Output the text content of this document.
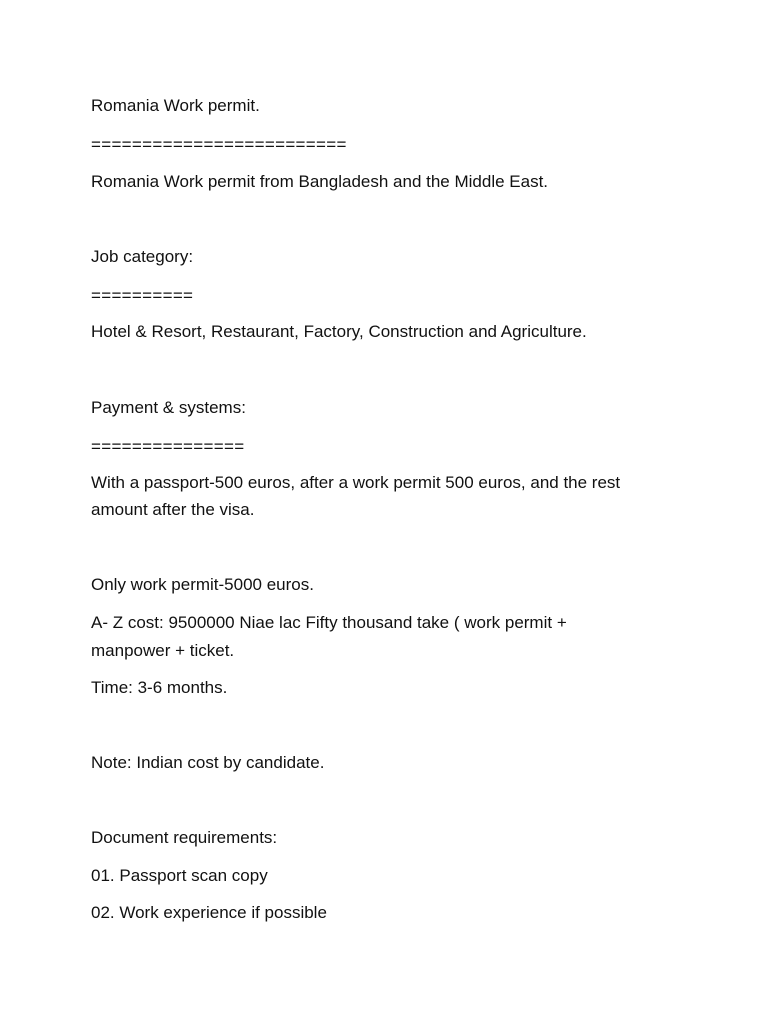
Romania Work permit.

=========================

Romania Work permit from Bangladesh and the Middle East.

Job category:

==========

Hotel & Resort, Restaurant, Factory, Construction and Agriculture.

Payment & systems:

===============

With a passport-500 euros, after a work permit 500 euros, and the rest

amount after the visa.

Only work permit-5000 euros.

A- Z cost: 9500000 Niae lac Fifty thousand take ( work permit +

manpower + ticket.

Time: 3-6 months.

Note: Indian cost by candidate.

Document requirements:

01. Passport scan copy

02. Work experience if possible
